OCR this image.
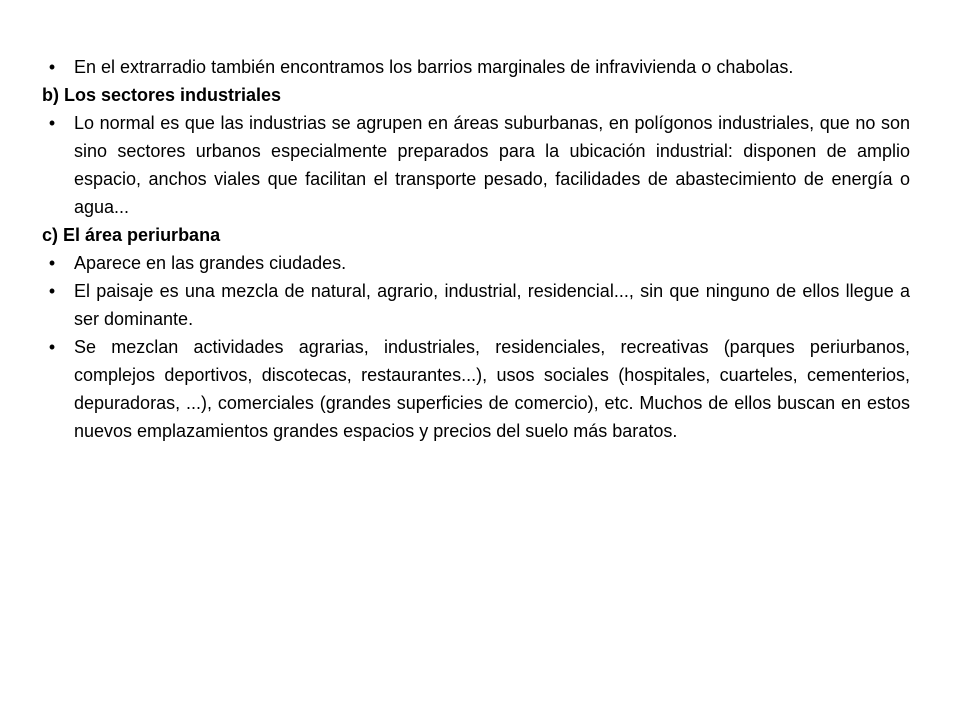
• En el extrarradio también encontramos los barrios marginales de infravivienda o chabolas.
b) Los sectores industriales
• Lo normal es que las industrias se agrupen en áreas suburbanas, en polígonos industriales, que no son sino sectores urbanos especialmente preparados para la ubicación industrial: disponen de amplio espacio, anchos viales que facilitan el transporte pesado, facilidades de abastecimiento de energía o agua...
c) El área periurbana
• Aparece en las grandes ciudades.
• El paisaje es una mezcla de natural, agrario, industrial, residencial..., sin que ninguno de ellos llegue a ser dominante.
• Se mezclan actividades agrarias, industriales, residenciales, recreativas (parques periurbanos, complejos deportivos, discotecas, restaurantes...), usos sociales (hospitales, cuarteles, cementerios, depuradoras, ...), comerciales (grandes superficies de comercio), etc. Muchos de ellos buscan en estos nuevos emplazamientos grandes espacios y precios del suelo más baratos.
